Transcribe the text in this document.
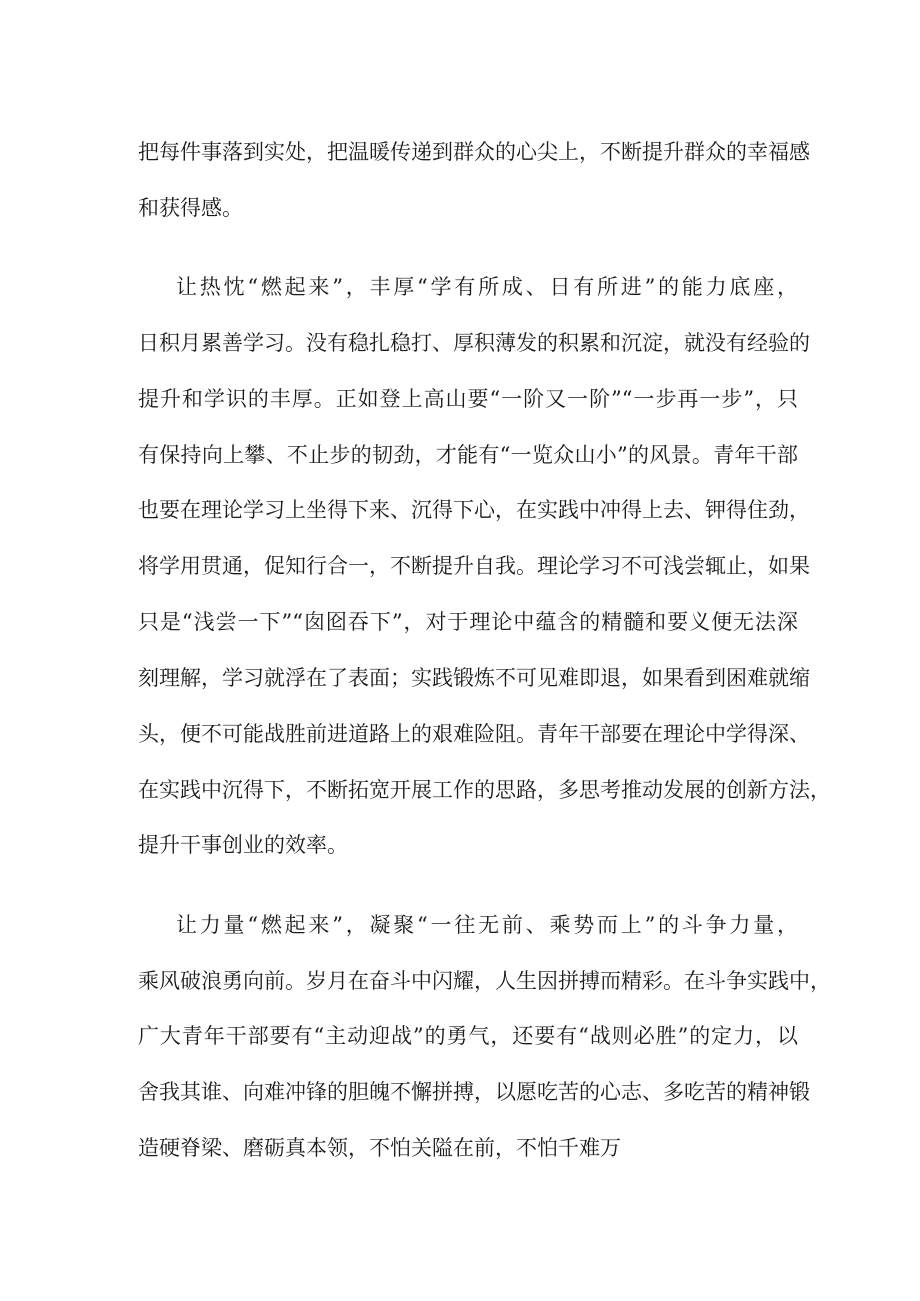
把每件事落到实处，把温暖传递到群众的心尖上，不断提升群众的幸福感
和获得感。
让热忱“燃起来”，丰厚“学有所成、日有所进”的能力底座，
日积月累善学习。没有稳扎稳打、厚积薄发的积累和沉淀，就没有经验的
提升和学识的丰厚。正如登上高山要“一阶又一阶”“一步再一步”，只
有保持向上攀、不止步的韧劲，才能有“一览众山小”的风景。青年干部
也要在理论学习上坐得下来、沉得下心，在实践中冲得上去、钾得住劲，
将学用贯通，促知行合一，不断提升自我。理论学习不可浅尝辄止，如果
只是“浅尝一下”“囱囵吞下”，对于理论中蕴含的精髓和要义便无法深
刻理解，学习就浮在了表面；实践锻炼不可见难即退，如果看到困难就缩
头，便不可能战胜前进道路上的艰难险阻。青年干部要在理论中学得深、
在实践中沉得下，不断拓宽开展工作的思路，多思考推动发展的创新方法，
提升干事创业的效率。
让力量“燃起来”，凝聚“一往无前、乘势而上”的斗争力量，
乘风破浪勇向前。岁月在奋斗中闪耀，人生因拼搏而精彩。在斗争实践中，
广大青年干部要有“主动迎战”的勇气，还要有“战则必胜”的定力，以
舍我其谁、向难冲锋的胆魄不懈拼搏，以愿吃苦的心志、多吃苦的精神锻
造硬脊梁、磨砺真本领，不怕关隘在前，不怕千难万
